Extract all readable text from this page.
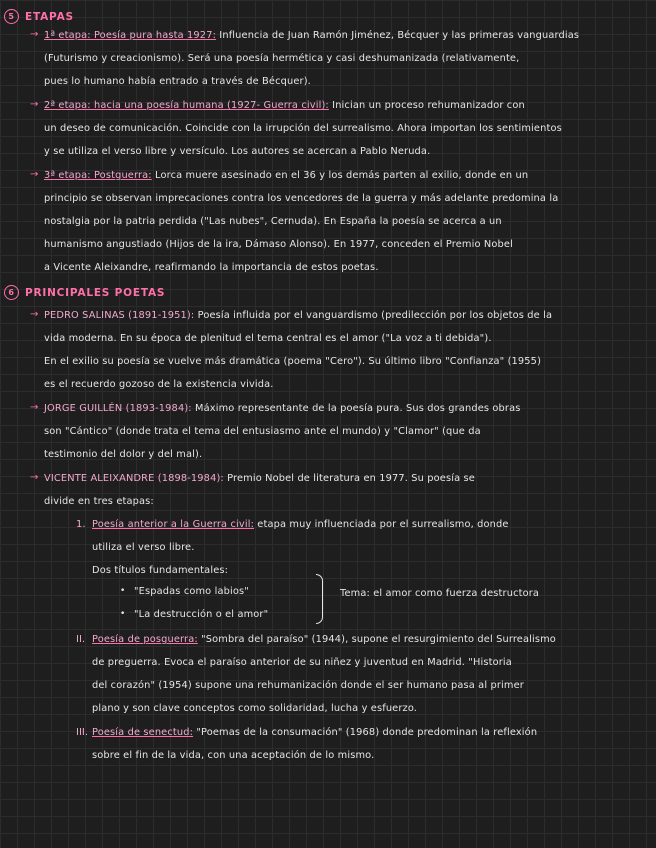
5 ETAPAS
→ 1ª etapa: Poesía pura hasta 1927: Influencia de Juan Ramón Jiménez, Bécquer y las primeras vanguardias
(Futurismo y creacionismo). Será una poesía hermética y casi deshumanizada (relativamente,
pues lo humano había entrado a través de Bécquer).
→ 2ª etapa: hacia una poesía humana (1927- Guerra civil): Inician un proceso rehumanizador con
un deseo de comunicación. Coincide con la irrupción del surrealismo. Ahora importan los sentimientos
y se utiliza el verso libre y versículo. Los autores se acercan a Pablo Neruda.
→ 3ª etapa: Postguerra: Lorca muere asesinado en el 36 y los demás parten al exilio, donde en un
principio se observan imprecaciones contra los vencedores de la guerra y más adelante predomina la
nostalgia por la patria perdida ("Las nubes", Cernuda). En España la poesía se acerca a un
humanismo angustiado (Hijos de la ira, Dámaso Alonso). En 1977, conceden el Premio Nobel
a Vicente Aleixandre, reafirmando la importancia de estos poetas.
6 PRINCIPALES POETAS
→ PEDRO SALINAS (1891-1951): Poesía influida por el vanguardismo (predilección por los objetos de la
vida moderna. En su época de plenitud el tema central es el amor ("La voz a ti debida").
En el exilio su poesía se vuelve más dramática (poema "Cero"). Su último libro "Confianza" (1955)
es el recuerdo gozoso de la existencia vivida.
→ JORGE GUILLÉN (1893-1984): Máximo representante de la poesía pura. Sus dos grandes obras
son "Cántico" (donde trata el tema del entusiasmo ante el mundo) y "Clamor" (que da
testimonio del dolor y del mal).
→ VICENTE ALEIXANDRE (1898-1984): Premio Nobel de literatura en 1977. Su poesía se
divide en tres etapas:
1. Poesía anterior a la Guerra civil: etapa muy influenciada por el surrealismo, donde
utiliza el verso libre.
Dos títulos fundamentales:
• "Espadas como labios"
• "La destrucción o el amor"
Tema: el amor como fuerza destructora
II. Poesía de posguerra: "Sombra del paraíso" (1944), supone el resurgimiento del Surrealismo
de preguerra. Evoca el paraíso anterior de su niñez y juventud en Madrid. "Historia
del corazón" (1954) supone una rehumanización donde el ser humano pasa al primer
plano y son clave conceptos como solidaridad, lucha y esfuerzo.
III. Poesía de senectud: "Poemas de la consumación" (1968) donde predominan la reflexión
sobre el fin de la vida, con una aceptación de lo mismo.
